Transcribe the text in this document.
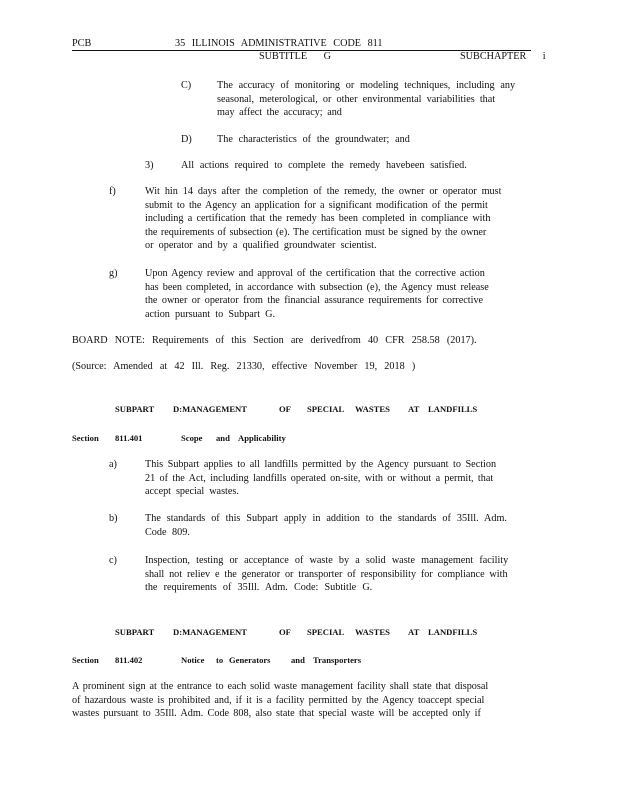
PCB	35 ILLINOIS ADMINISTRATIVE CODE 811
SUBTITLE G	SUBCHAPTER i
C)	The accuracy of monitoring or modeling techniques, including any
seasonal, meterological, or other environmental variabilities that
may affect the accuracy; and
D) The characteristics of the groundwater; and
3)	All actions required to complete the remedy havebeen satisfied.
f)	Wit hin 14 days after the completion of the remedy, the owner or operator must
submit to the Agency an application for a significant modification of the permit
including a certification that the remedy has been completed in compliance with
the requirements of subsection (e). The certification must be signed by the owner
or operator and by a qualified groundwater scientist.
g)	Upon Agency review and approval of the certification that the corrective action
has been completed, in accordance with subsection (e), the Agency must release
the owner or operator from the financial assurance requirements for corrective
action pursuant to Subpart G.
BOARD NOTE: Requirements of this Section are derivedfrom 40 CFR 258.58 (2017).
(Source: Amended at 42 Ill. Reg. 21330, effective November 19, 2018 )
SUBPART D:MANAGEMENT	OF SPECIAL WASTES AT LANDFILLS
Section 811.401	Scope and Applicability
a)	This Subpart applies to all landfills permitted by the Agency pursuant to Section
21 of the Act, including landfills operated on-site, with or without a permit, that
accept special wastes.
b)	The standards of this Subpart apply in addition to the standards of 35Ill. Adm.
Code 809.
c)	Inspection, testing or acceptance of waste by a solid waste management facility
shall not reliev e the generator or transporter of responsibility for compliance with
the requirements of 35Ill. Adm. Code: Subtitle G.
SUBPART D:MANAGEMENT	OF SPECIAL WASTES AT LANDFILLS
Section 811.402	Notice to Generators and Transporters
A prominent sign at the entrance to each solid waste management facility shall state that disposal
of hazardous waste is prohibited and, if it is a facility permitted by the Agency toaccept special
wastes pursuant to 35Ill. Adm. Code 808, also state that special waste will be accepted only if
